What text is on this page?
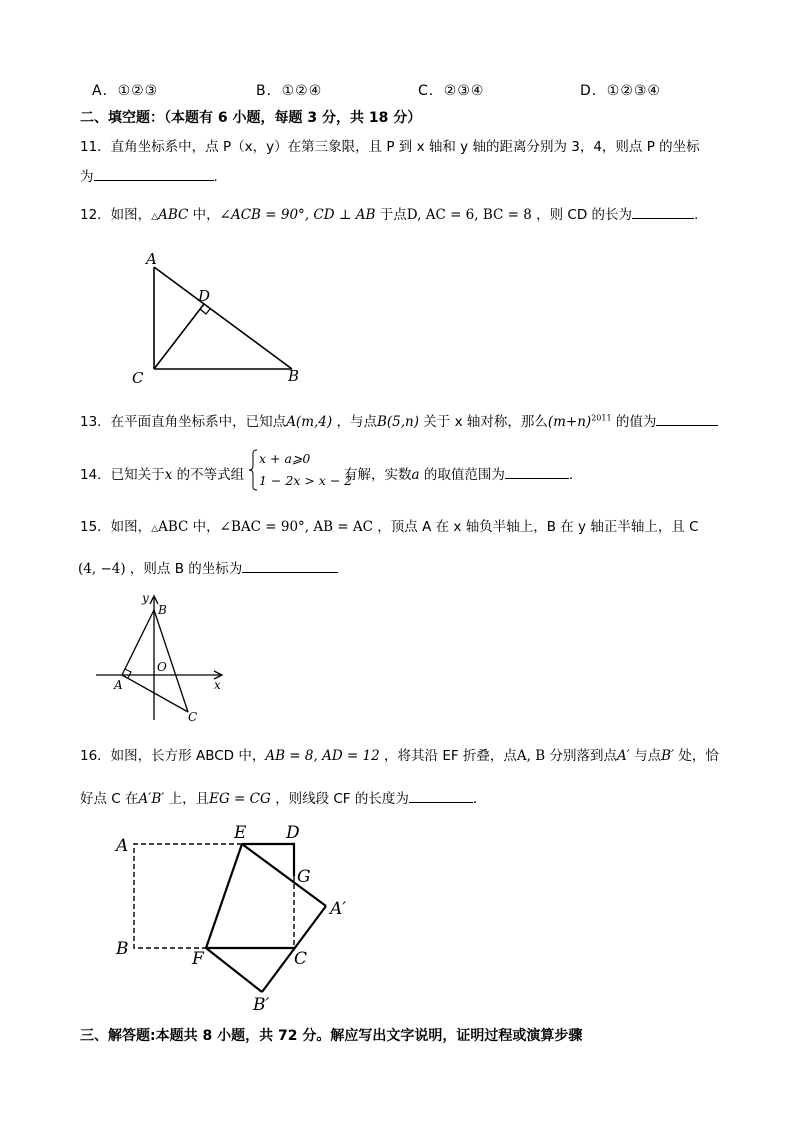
A．①②③	B．①②④	C．②③④	D．①②③④
二、填空题：（本题有 6 小题，每题 3 分，共 18 分）
11．直角坐标系中，点 P（x，y）在第三象限，且 P 到 x 轴和 y 轴的距离分别为 3，4，则点 P 的坐标
为	．
12．如图，△ABC 中，∠ACB = 90°, CD ⊥ AB 于点D, AC = 6, BC = 8 ，则 CD 的长为	.
A
D
C	B
13．在平面直角坐标系中，已知点A(m,4) ，与点B(5,n) 关于 x 轴对称，那么$(m+n)^{2011}$ 的值为
14．已知关于x 的不等式组
x + a⩾0
1 − 2x > x − 2
有解，实数a 的取值范围为	.
15．如图，△ABC 中，∠BAC = 90°, AB = AC ，顶点 A 在 x 轴负半轴上，B 在 y 轴正半轴上，且 C
(4, −4) ，则点 B 的坐标为
y
B
O
A	x
C
16．如图，长方形 ABCD 中，AB = 8, AD = 12 ，将其沿 EF 折叠，点A, B 分别落到点A′ 与点B′ 处，恰
好点 C 在A′B′ 上，且EG = CG ，则线段 CF 的长度为	.
A
E D
G
A′
B	F	C
B′
三、解答题:本题共 8 小题，共 72 分。解应写出文字说明，证明过程或演算步骤
